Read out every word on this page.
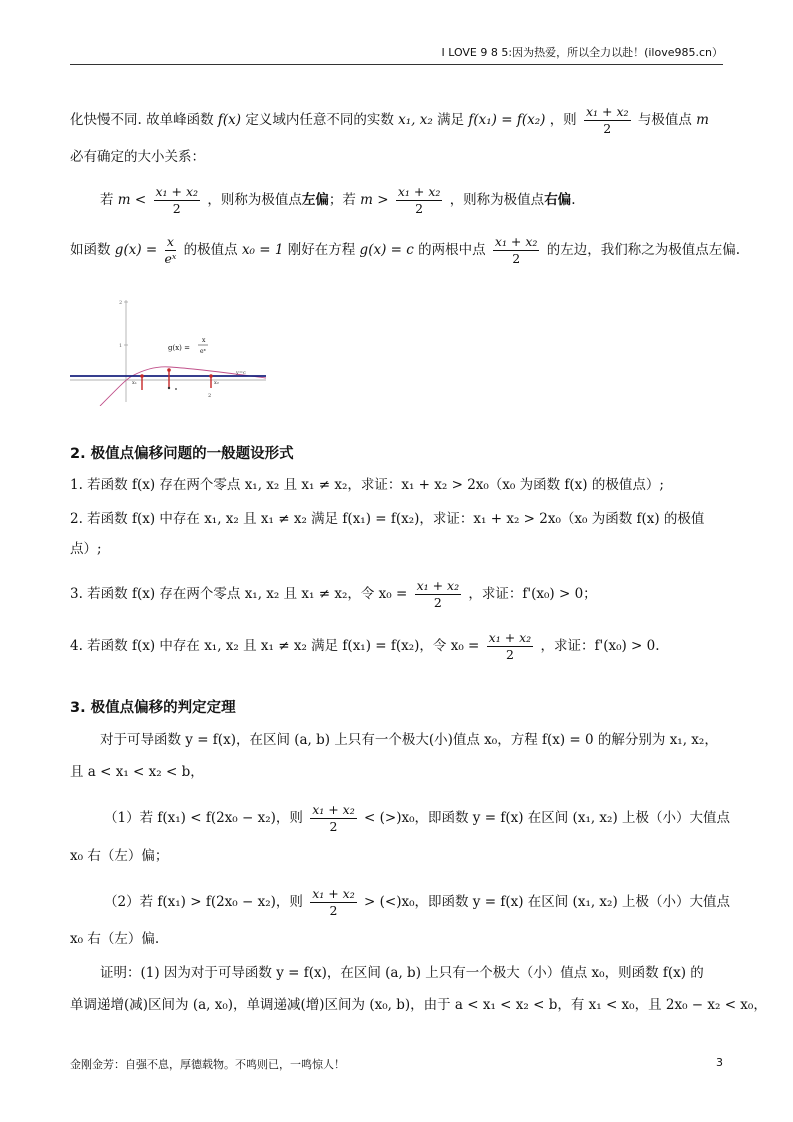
I LOVE 9 8 5:因为热爱，所以全力以赴！(ilove985.cn）
化快慢不同. 故单峰函数 f(x) 定义域内任意不同的实数 x₁, x₂ 满足 f(x₁) = f(x₂) ，则 $\frac{\text{x₁ + x₂}}{2}$ 与极值点 m
必有确定的大小关系：
若 $m < \frac{\text{x₁ + x₂}}{2}$ ，则称为极值点左偏；若 $m > \frac{\text{x₁ + x₂}}{2}$ ，则称为极值点右偏.
如函数 $g(x) = \frac{x}{\text{eˣ}}$ 的极值点 x₀ = 1 刚好在方程 g(x) = c 的两根中点 $\frac{\text{x₁ + x₂}}{2}$ 的左边，我们称之为极值点左偏.
2
1
y=c
x₁	x₂
2
g(x) =
x
eˣ
2. 极值点偏移问题的一般题设形式
1. 若函数 f(x) 存在两个零点 x₁, x₂ 且 x₁ ≠ x₂，求证：x₁ + x₂ > 2x₀（x₀ 为函数 f(x) 的极值点）;
2. 若函数 f(x) 中存在 x₁, x₂ 且 x₁ ≠ x₂ 满足 f(x₁) = f(x₂)，求证：x₁ + x₂ > 2x₀（x₀ 为函数 f(x) 的极值
点）;
3. 若函数 f(x) 存在两个零点 x₁, x₂ 且 x₁ ≠ x₂，令 $x_0 = \frac{\text{x₁ + x₂}}{2}$ ，求证：f'(x₀) > 0；
4. 若函数 f(x) 中存在 x₁, x₂ 且 x₁ ≠ x₂ 满足 f(x₁) = f(x₂)，令 $x_0 = \frac{\text{x₁ + x₂}}{2}$ ，求证：f'(x₀) > 0.
3. 极值点偏移的判定定理
对于可导函数 y = f(x)，在区间 (a, b) 上只有一个极大(小)值点 x₀，方程 f(x) = 0 的解分别为 x₁, x₂，
且 a < x₁ < x₂ < b，
（1）若 f(x₁) < f(2x₀ − x₂)，则 $\frac{\text{x₁ + x₂}}{2} < (>)x_0$，即函数 y = f(x) 在区间 (x₁, x₂) 上极（小）大值点
x₀ 右（左）偏；
（2）若 f(x₁) > f(2x₀ − x₂)，则 $\frac{\text{x₁ + x₂}}{2} > (<)x_0$，即函数 y = f(x) 在区间 (x₁, x₂) 上极（小）大值点
x₀ 右（左）偏.
证明：(1) 因为对于可导函数 y = f(x)，在区间 (a, b) 上只有一个极大（小）值点 x₀，则函数 f(x) 的
单调递增(减)区间为 (a, x₀)，单调递减(增)区间为 (x₀, b)，由于 a < x₁ < x₂ < b，有 x₁ < x₀，且 2x₀ − x₂ < x₀，
金刚金芳：自强不息，厚德载物。不鸣则已，一鸣惊人！	3
